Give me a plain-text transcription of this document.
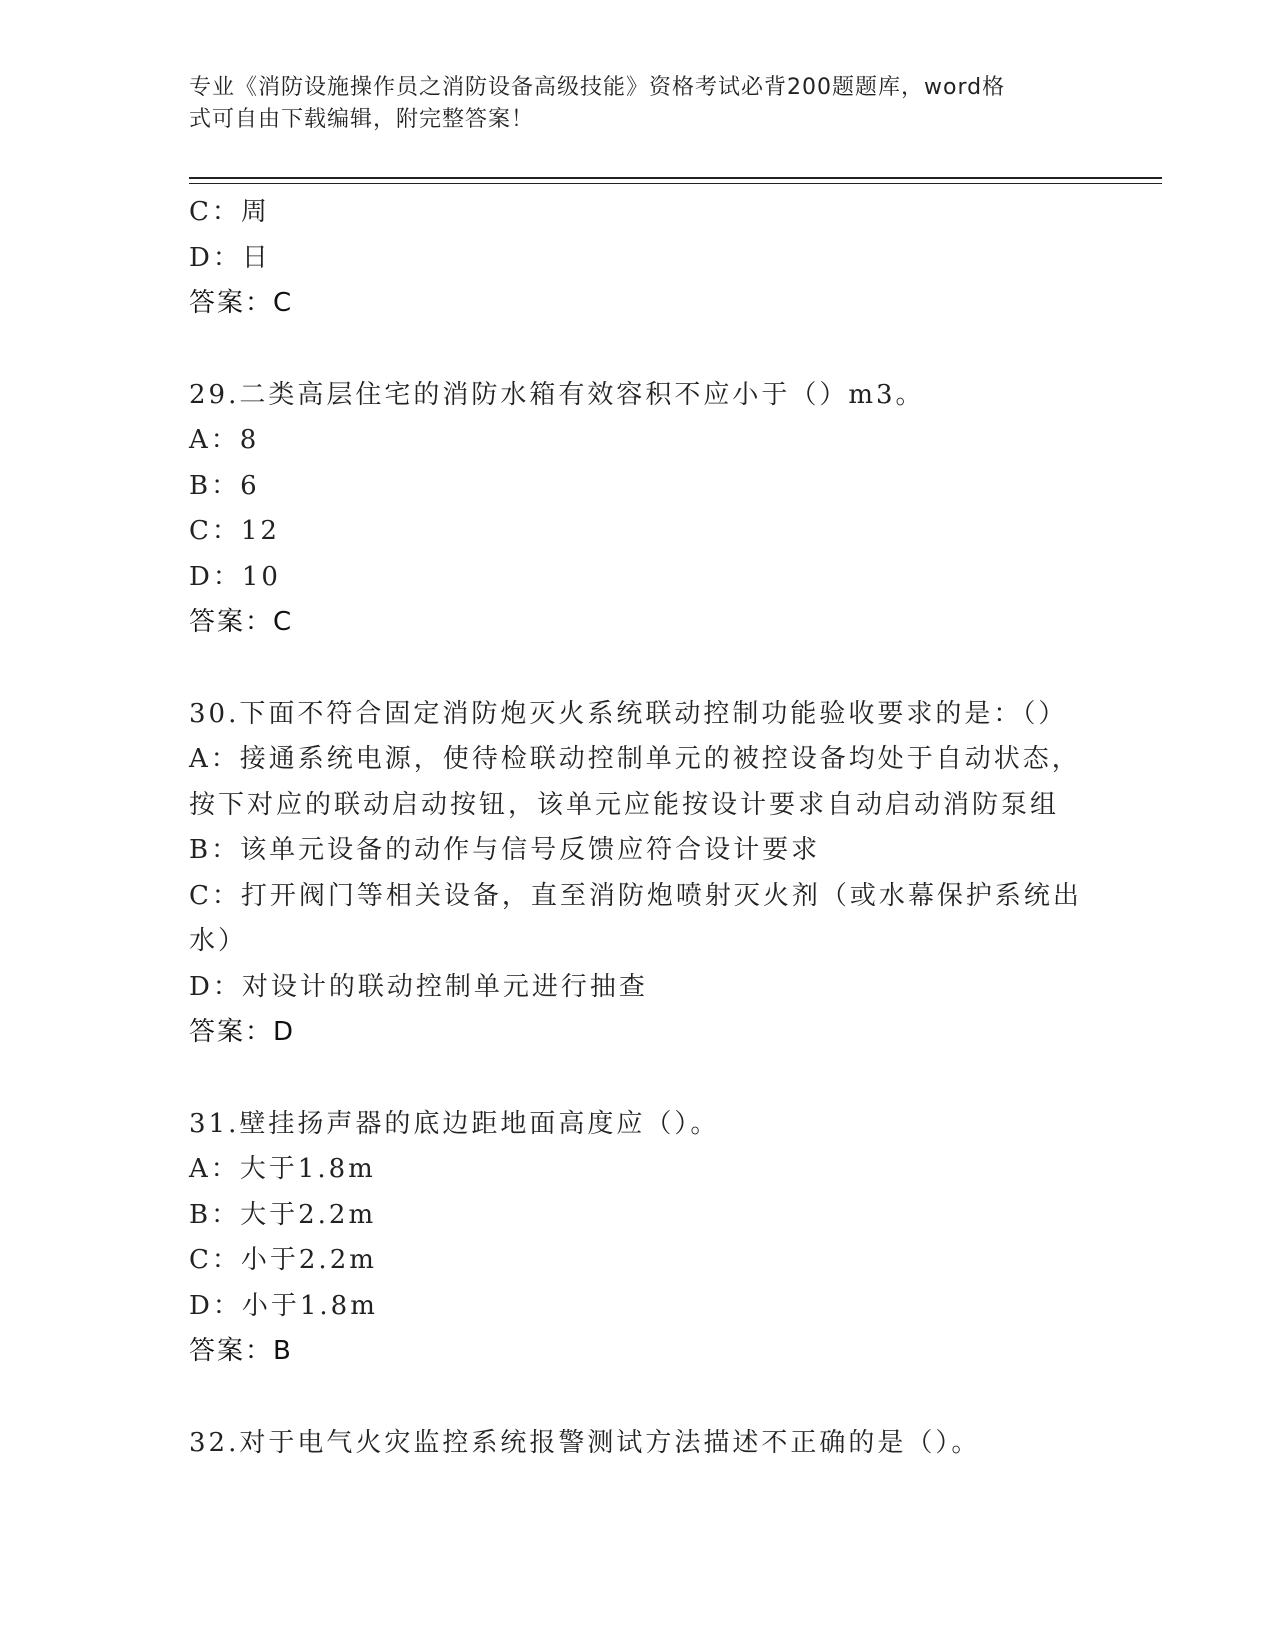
专业《消防设施操作员之消防设备高级技能》资格考试必背200题题库，word格
式可自由下载编辑，附完整答案！
C：周
D：日
答案：C
29.二类高层住宅的消防水箱有效容积不应小于（）m3。
A：8
B：6
C：12
D：10
答案：C
30.下面不符合固定消防炮灭火系统联动控制功能验收要求的是：（）
A：接通系统电源，使待检联动控制单元的被控设备均处于自动状态，
按下对应的联动启动按钮，该单元应能按设计要求自动启动消防泵组
B：该单元设备的动作与信号反馈应符合设计要求
C：打开阀门等相关设备，直至消防炮喷射灭火剂（或水幕保护系统出
水）
D：对设计的联动控制单元进行抽查
答案：D
31.壁挂扬声器的底边距地面高度应（）。
A：大于1.8m
B：大于2.2m
C：小于2.2m
D：小于1.8m
答案：B
32.对于电气火灾监控系统报警测试方法描述不正确的是（）。
